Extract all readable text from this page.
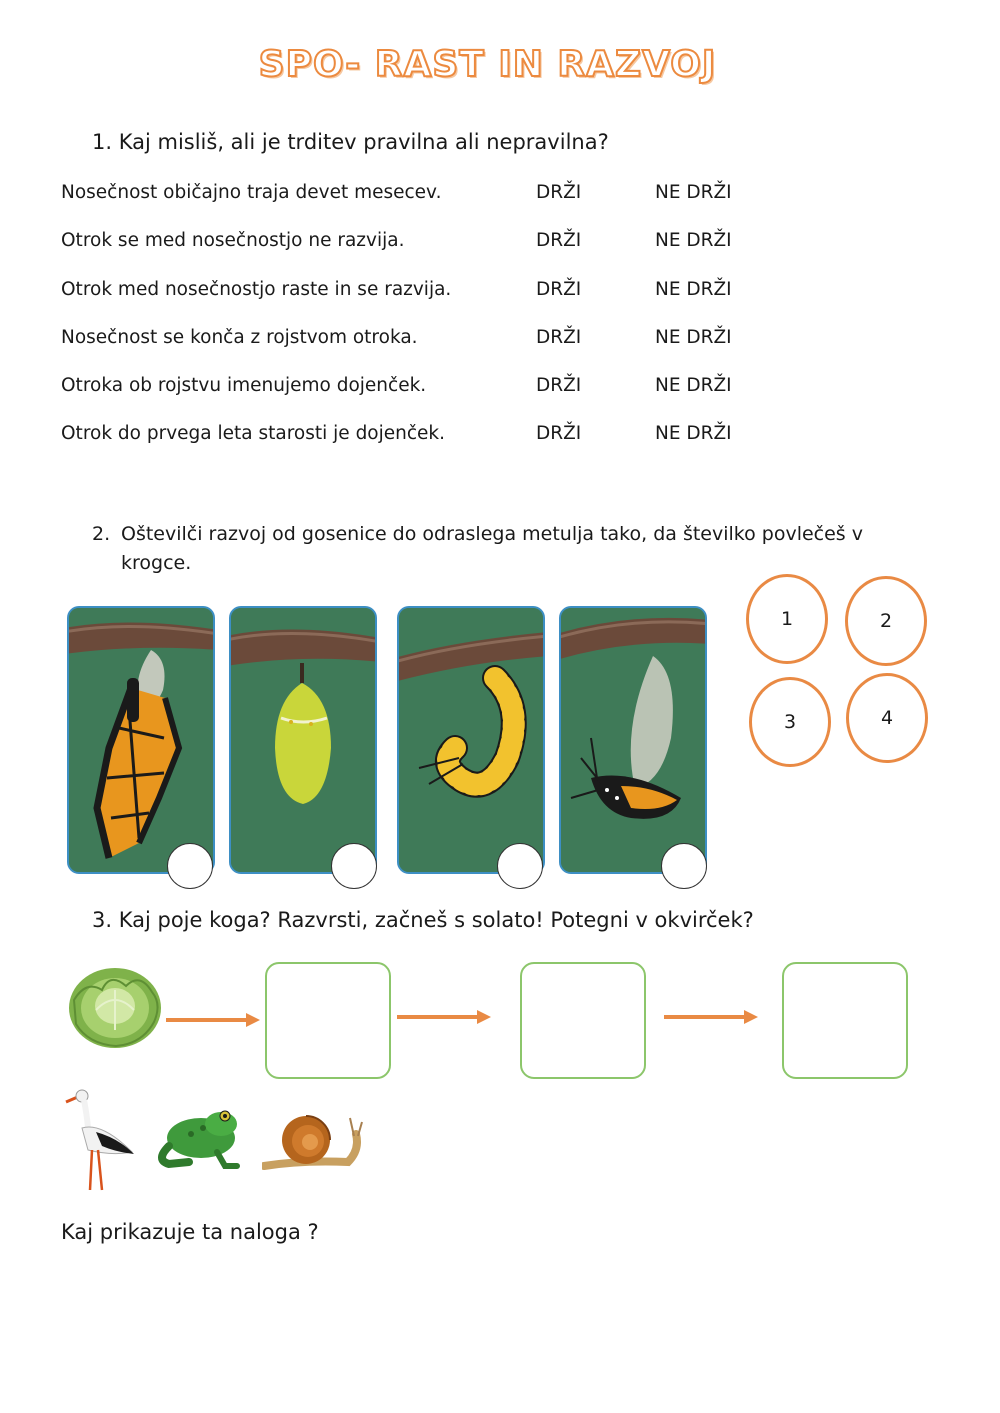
SPO- RAST IN RAZVOJ
1. Kaj misliš, ali je trditev pravilna ali nepravilna?
Nosečnost običajno traja devet mesecev.	DRŽI	NE DRŽI
Otrok se med nosečnostjo ne razvija.	DRŽI	NE DRŽI
Otrok med nosečnostjo raste in se razvija.	DRŽI	NE DRŽI
Nosečnost se konča z rojstvom otroka.	DRŽI	NE DRŽI
Otroka ob rojstvu imenujemo dojenček.	DRŽI	NE DRŽI
Otrok do prvega leta starosti je dojenček.	DRŽI	NE DRŽI
2. Oštevilči razvoj od gosenice do odraslega metulja tako, da številko povlečeš v krogce.
1	2
3	4
3. Kaj poje koga? Razvrsti, začneš s solato! Potegni v okvirček?
Kaj prikazuje ta naloga ?
